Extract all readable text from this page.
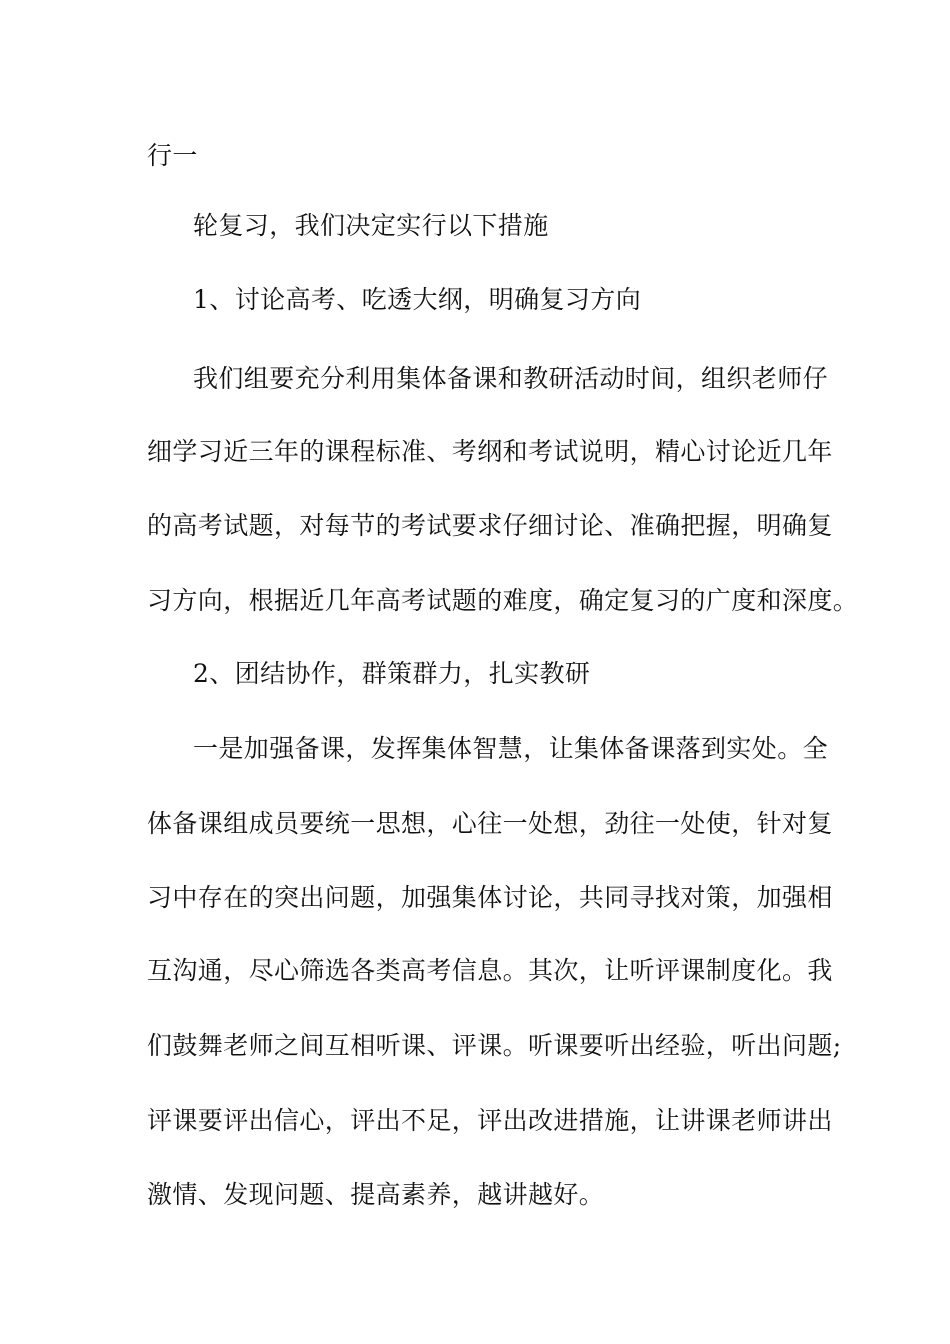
行一
轮复习，我们决定实行以下措施
1、讨论高考、吃透大纲，明确复习方向
我们组要充分利用集体备课和教研活动时间，组织老师仔
细学习近三年的课程标准、考纲和考试说明，精心讨论近几年
的高考试题，对每节的考试要求仔细讨论、准确把握，明确复
习方向，根据近几年高考试题的难度，确定复习的广度和深度。
2、团结协作，群策群力，扎实教研
一是加强备课，发挥集体智慧，让集体备课落到实处。全
体备课组成员要统一思想，心往一处想，劲往一处使，针对复
习中存在的突出问题，加强集体讨论，共同寻找对策，加强相
互沟通，尽心筛选各类高考信息。其次，让听评课制度化。我
们鼓舞老师之间互相听课、评课。听课要听出经验，听出问题;
评课要评出信心，评出不足，评出改进措施，让讲课老师讲出
激情、发现问题、提高素养，越讲越好。
